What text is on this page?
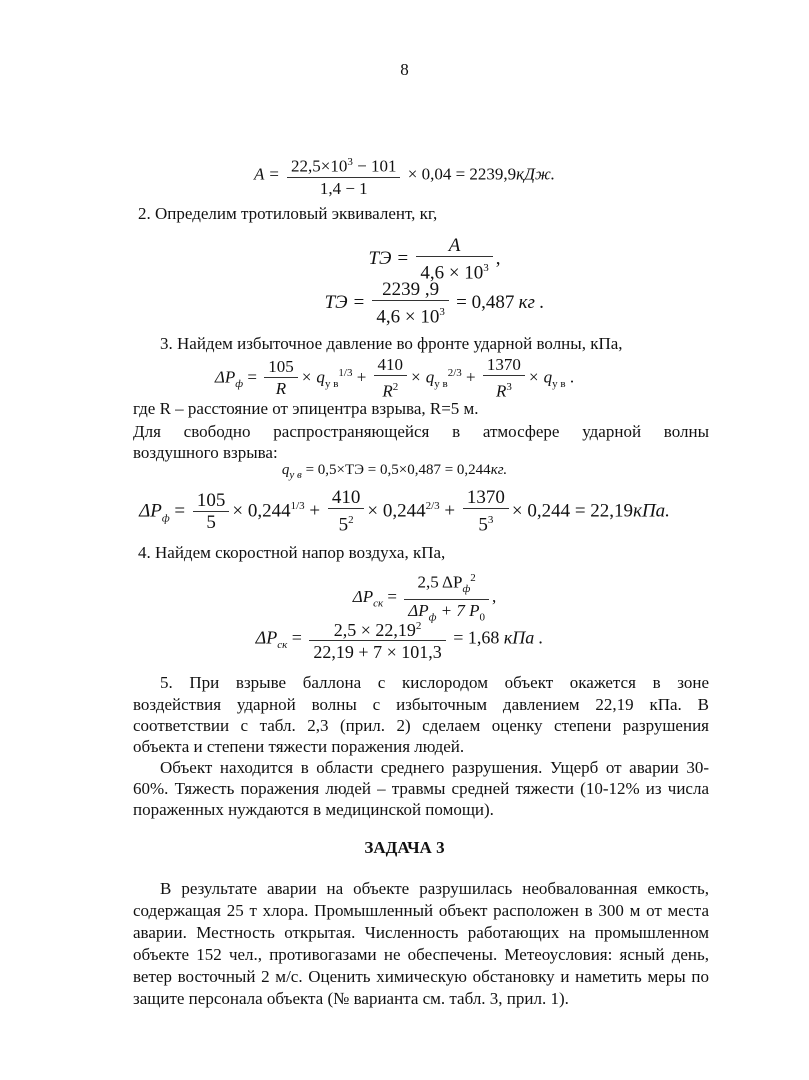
8
$A = \frac{22,5\times 10^3 - 101}{1,4 - 1} \times 0,04 = 2239,9кДж$.
2. Определим тротиловый эквивалент, кг,
ТЭ = $\frac{A}{4,6 \times 10^3}$ ,
ТЭ = $\frac{2239 ,9}{4,6 \times 10^3} = 0,487$ кг .
3. Найдем избыточное давление во фронте ударной волны, кПа,
$\Delta P_ф = \frac{105}{R} \times q_{у в}^{1/3} + \frac{410}{R^2} \times q_{у в}^{2/3} + \frac{1370}{R^3} \times q_{у в}$ .
где R – расстояние от эпицентра взрыва, R=5 м.
Для свободно распространяющейся в атмосфере ударной волны
воздушного взрыва:
$q_{у в} = 0,5\times ТЭ = 0,5\times 0,487 = 0,244кг$.
$\Delta P_ф = \frac{105}{5} \times 0,244^{1/3} + \frac{410}{5^2} \times 0,244^{2/3} + \frac{1370}{5^3} \times 0,244 = 22,19кПа$.
4. Найдем скоростной напор воздуха, кПа,
$\Delta P_{ск} = \frac{2,5 \Delta P_ф^2}{\Delta P_ф + 7 P_0}$ ,
$\Delta P_{ск} = \frac{2,5 \times 22,19^2}{22,19 + 7 \times 101,3} = 1,68$ кПа .
5. При взрыве баллона с кислородом объект окажется в зоне
воздействия ударной волны с избыточным давлением 22,19 кПа. В
соответствии с табл. 2,3 (прил. 2) сделаем оценку степени разрушения
объекта и степени тяжести поражения людей.
Объект находится в области среднего разрушения. Ущерб от аварии 30-
60%. Тяжесть поражения людей – травмы средней тяжести (10-12% из числа
пораженных нуждаются в медицинской помощи).
ЗАДАЧА 3
В результате аварии на объекте разрушилась необвалованная емкость,
содержащая 25 т хлора. Промышленный объект расположен в 300 м от места
аварии. Местность открытая. Численность работающих на промышленном
объекте 152 чел., противогазами не обеспечены. Метеоусловия: ясный день,
ветер восточный 2 м/с. Оценить химическую обстановку и наметить меры по
защите персонала объекта (№ варианта см. табл. 3, прил. 1).
